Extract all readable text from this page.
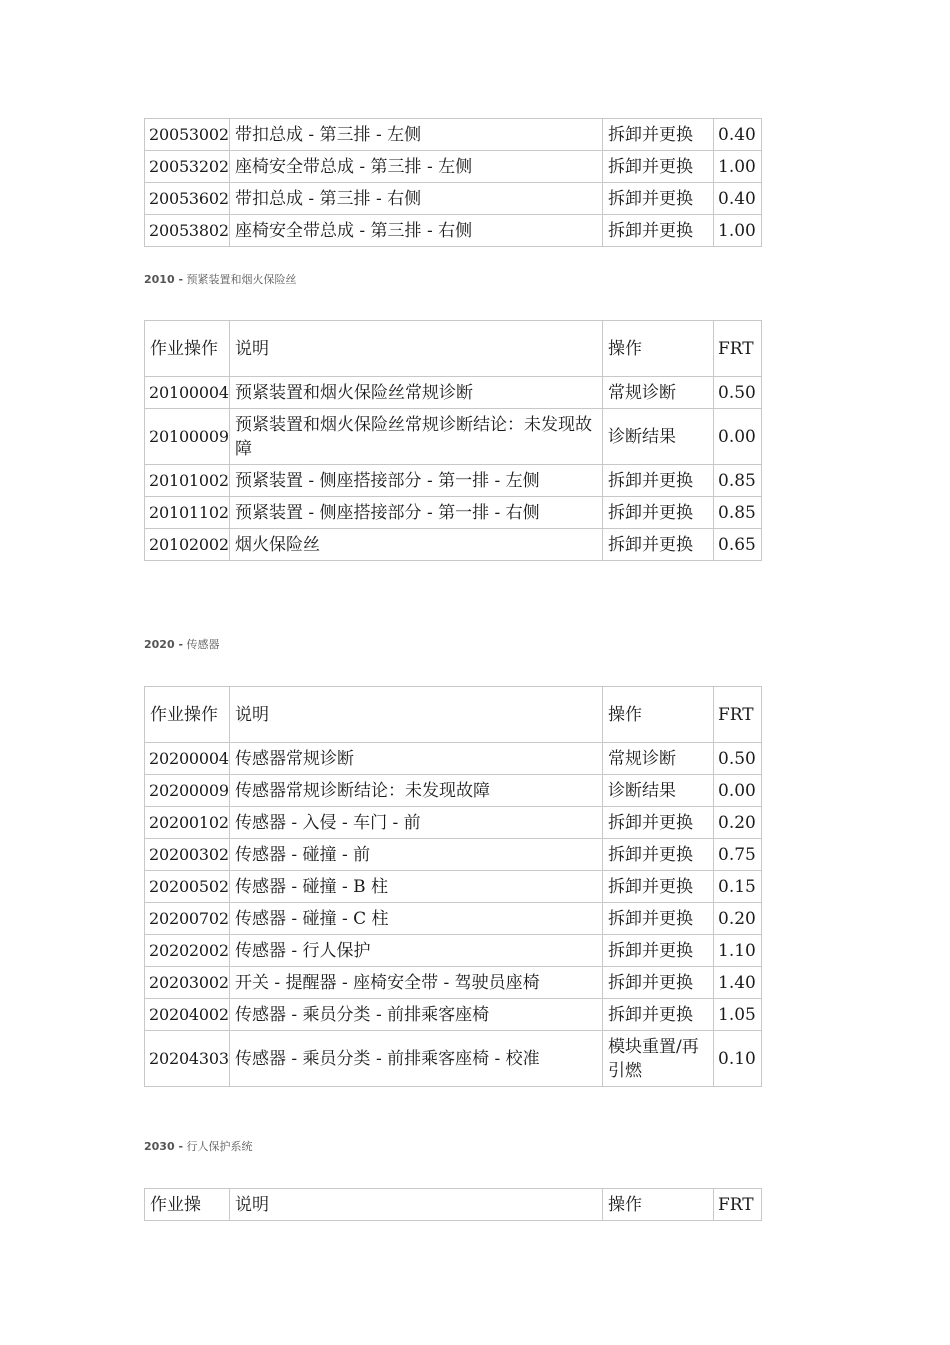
20053002	带扣总成 - 第三排 - 左侧	拆卸并更换	0.40
20053202	座椅安全带总成 - 第三排 - 左侧	拆卸并更换	1.00
20053602	带扣总成 - 第三排 - 右侧	拆卸并更换	0.40
20053802	座椅安全带总成 - 第三排 - 右侧	拆卸并更换	1.00
2010 - 预紧装置和烟火保险丝
作业操作	说明	操作	FRT
20100004	预紧装置和烟火保险丝常规诊断	常规诊断	0.50
20100009	预紧装置和烟火保险丝常规诊断结论：未发现故障	诊断结果	0.00
20101002	预紧装置 - 侧座搭接部分 - 第一排 - 左侧	拆卸并更换	0.85
20101102	预紧装置 - 侧座搭接部分 - 第一排 - 右侧	拆卸并更换	0.85
20102002	烟火保险丝	拆卸并更换	0.65
2020 - 传感器
作业操作	说明	操作	FRT
20200004	传感器常规诊断	常规诊断	0.50
20200009	传感器常规诊断结论：未发现故障	诊断结果	0.00
20200102	传感器 - 入侵 - 车门 - 前	拆卸并更换	0.20
20200302	传感器 - 碰撞 - 前	拆卸并更换	0.75
20200502	传感器 - 碰撞 - B 柱	拆卸并更换	0.15
20200702	传感器 - 碰撞 - C 柱	拆卸并更换	0.20
20202002	传感器 - 行人保护	拆卸并更换	1.10
20203002	开关 - 提醒器 - 座椅安全带 - 驾驶员座椅	拆卸并更换	1.40
20204002	传感器 - 乘员分类 - 前排乘客座椅	拆卸并更换	1.05
20204303	传感器 - 乘员分类 - 前排乘客座椅 - 校准	模块重置/再引燃	0.10
2030 - 行人保护系统
作业操	说明	操作	FRT
